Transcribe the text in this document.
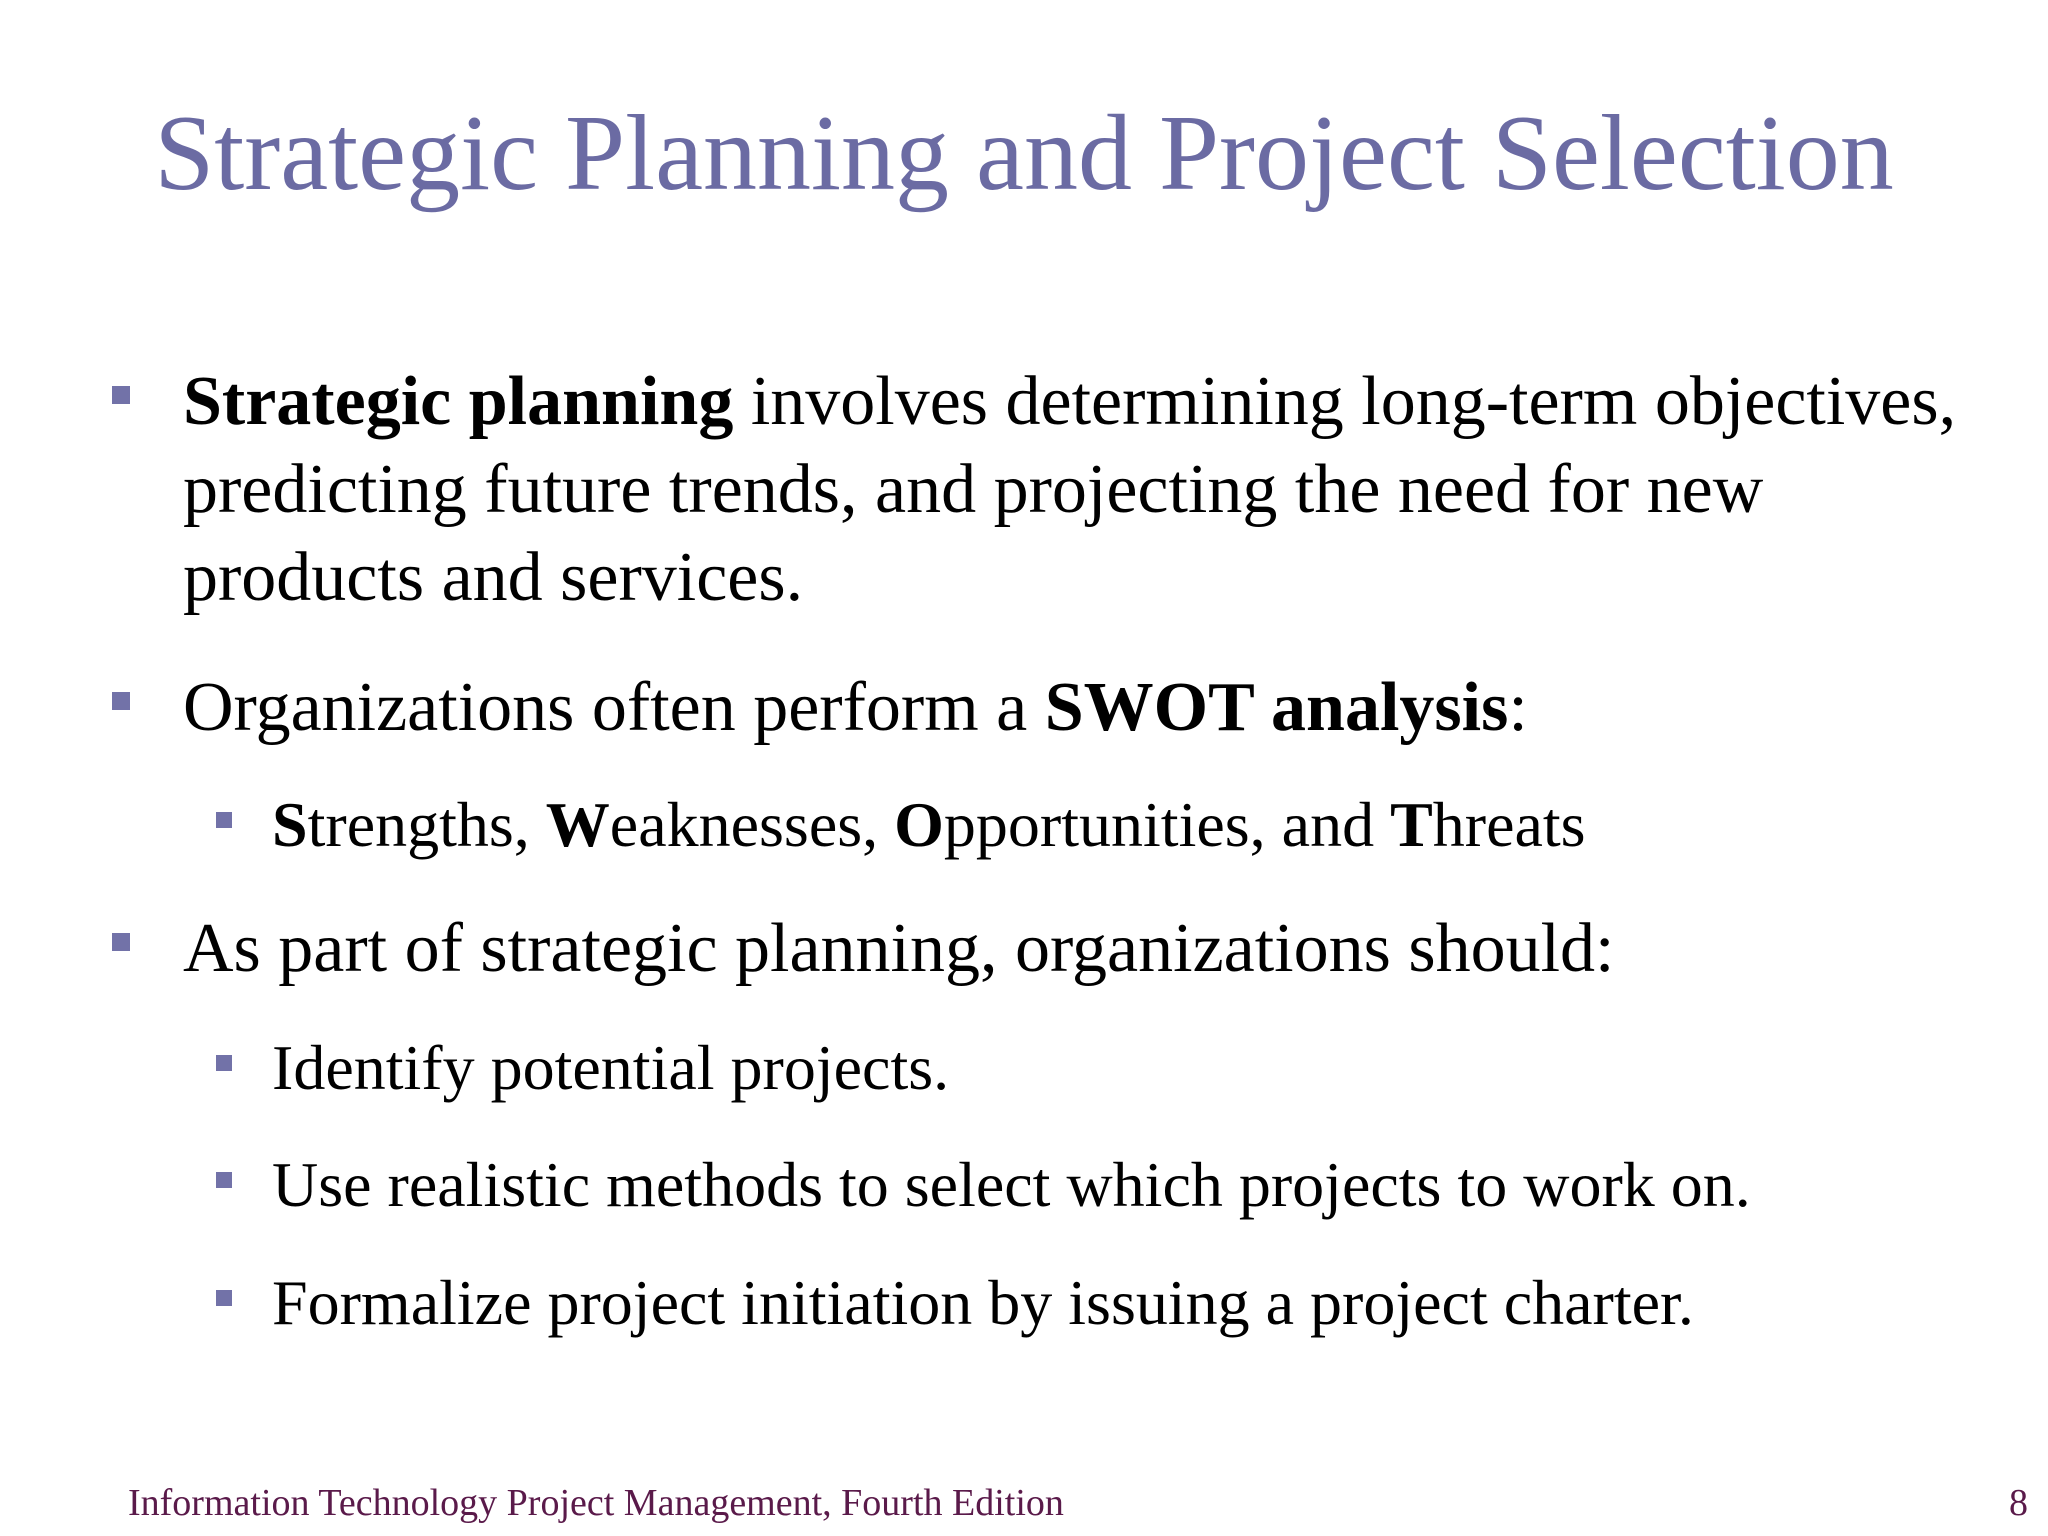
Strategic Planning and Project Selection
Strategic planning involves determining long-term objectives, predicting future trends, and projecting the need for new products and services.
Organizations often perform a SWOT analysis:
Strengths, Weaknesses, Opportunities, and Threats
As part of strategic planning, organizations should:
Identify potential projects.
Use realistic methods to select which projects to work on.
Formalize project initiation by issuing a project charter.
Information Technology Project Management, Fourth Edition	8
